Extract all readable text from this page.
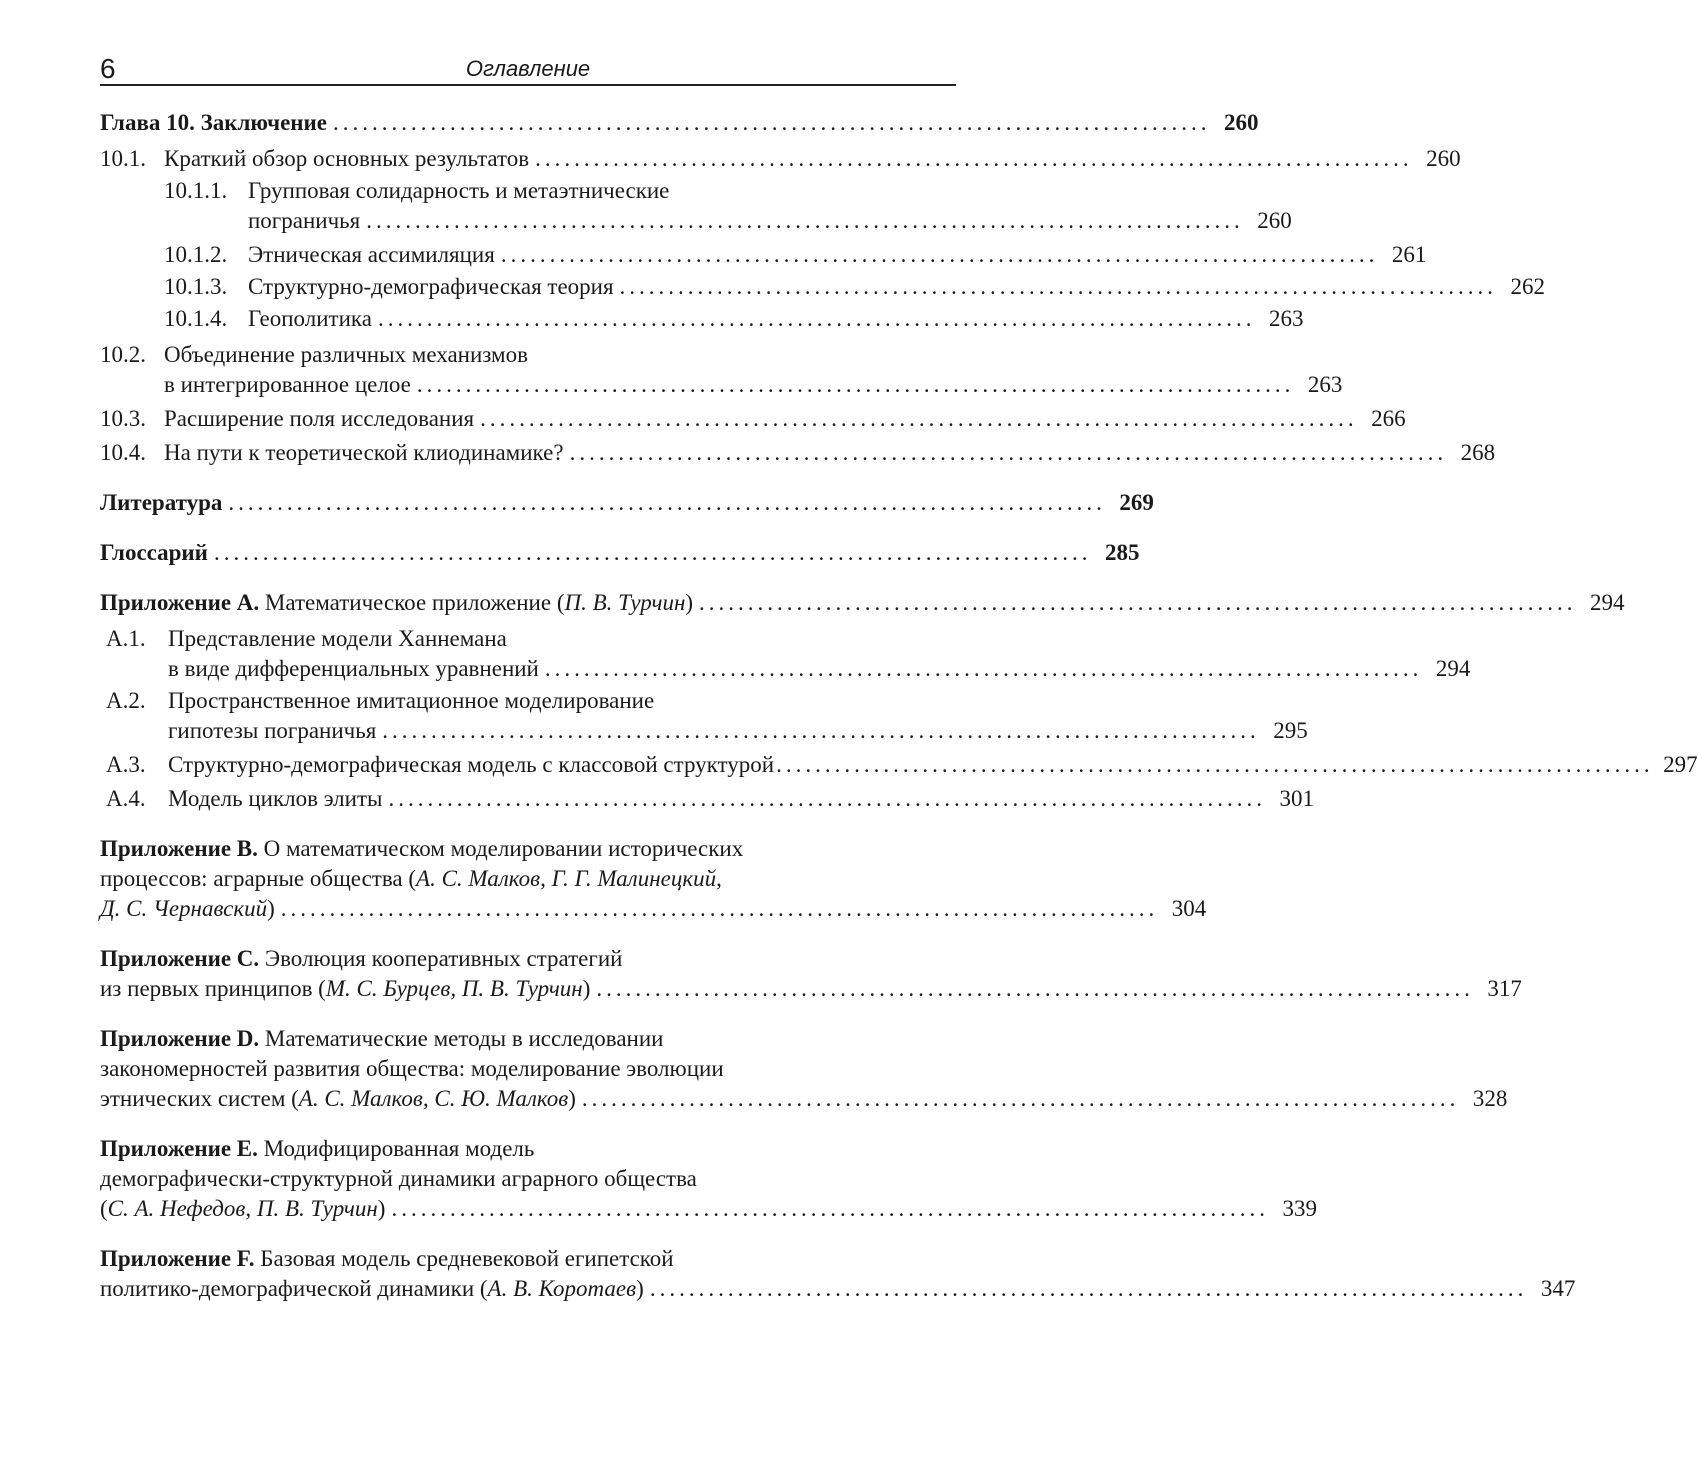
6	Оглавление
Глава 10. Заключение .......................................................................................... 260
10.1. Краткий обзор основных результатов .......................................................................................... 260
10.1.1. Групповая солидарность и метаэтнические
пограничья .......................................................................................... 260
10.1.2. Этническая ассимиляция .......................................................................................... 261
10.1.3. Структурно-демографическая теория .......................................................................................... 262
10.1.4. Геополитика .......................................................................................... 263
10.2. Объединение различных механизмов
в интегрированное целое .......................................................................................... 263
10.3. Расширение поля исследования .......................................................................................... 266
10.4. На пути к теоретической клиодинамике? .......................................................................................... 268
Литература .......................................................................................... 269
Глоссарий .......................................................................................... 285
Приложение A. Математическое приложение (П. В. Турчин) .......................................................................................... 294
A.1. Представление модели Ханнемана
в виде дифференциальных уравнений .......................................................................................... 294
A.2. Пространственное имитационное моделирование
гипотезы пограничья .......................................................................................... 295
A.3. Структурно-демографическая модель с классовой структурой .......................................................................................... 297
A.4. Модель циклов элиты .......................................................................................... 301
Приложение B. О математическом моделировании исторических
процессов: аграрные общества (А. С. Малков, Г. Г. Малинецкий,
Д. С. Чернавский) .......................................................................................... 304
Приложение C. Эволюция кооперативных стратегий
из первых принципов (М. С. Бурцев, П. В. Турчин) .......................................................................................... 317
Приложение D. Математические методы в исследовании
закономерностей развития общества: моделирование эволюции
этнических систем (А. С. Малков, С. Ю. Малков) .......................................................................................... 328
Приложение E. Модифицированная модель
демографически-структурной динамики аграрного общества
(С. А. Нефедов, П. В. Турчин) .......................................................................................... 339
Приложение F. Базовая модель средневековой египетской
политико-демографической динамики (А. В. Коротаев) .......................................................................................... 347
